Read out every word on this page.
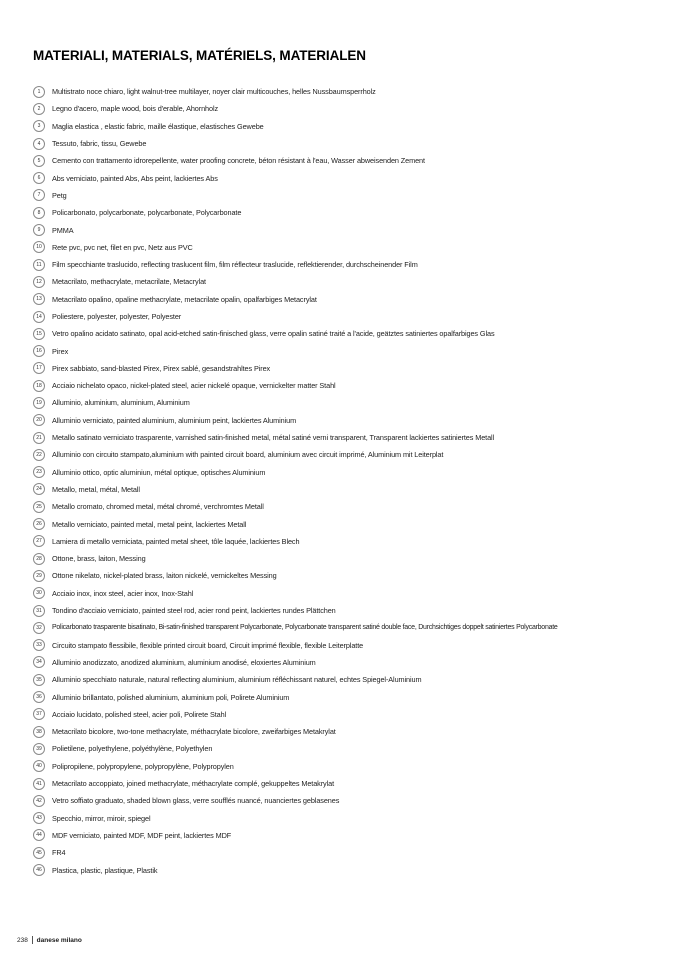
MATERIALI, MATERIALS, MATÉRIELS, MATERIALEN
1	Multistrato noce chiaro, light walnut-tree multilayer, noyer clair multicouches, helles Nussbaumsperrholz
2	Legno d'acero, maple wood, bois d'erable, Ahornholz
3	Maglia elastica , elastic fabric, maille élastique, elastisches Gewebe
4	Tessuto, fabric, tissu, Gewebe
5	Cemento con trattamento idrorepellente, water proofing concrete, béton résistant à l'eau, Wasser abweisenden Zement
6	Abs verniciato, painted Abs, Abs peint, lackiertes Abs
7	Petg
8	Policarbonato, polycarbonate, polycarbonate, Polycarbonate
9	PMMA
10	Rete pvc, pvc net, filet en pvc, Netz aus PVC
11	Film specchiante traslucido, reflecting traslucent film, film réflecteur traslucide, reflektierender, durchscheinender Film
12	Metacrilato, methacrylate, metacrilate, Metacrylat
13	Metacrilato opalino, opaline methacrylate, metacrilate opalin, opalfarbiges Metacrylat
14	Poliestere, polyester, polyester, Polyester
15	Vetro opalino acidato satinato, opal acid-etched satin-finisched glass, verre opalin satiné traité a l'acide, geätztes satiniertes opalfarbiges Glas
16	Pirex
17	Pirex sabbiato, sand-blasted Pirex, Pirex sablé, gesandstrahltes Pirex
18	Acciaio nichelato opaco, nickel-plated steel, acier nickelé opaque, vernickelter matter Stahl
19	Alluminio, aluminium, aluminium, Aluminium
20	Alluminio verniciato, painted aluminium, aluminium peint, lackiertes Aluminium
21	Metallo satinato verniciato trasparente, varnished satin-finished metal, métal satiné verni transparent, Transparent lackiertes satiniertes Metall
22	Alluminio con circuito stampato,aluminium with painted circuit board, aluminium avec circuit imprimé, Aluminium mit Leiterplat
23	Alluminio ottico, optic aluminiun, métal optique, optisches Aluminium
24	Metallo, metal, métal, Metall
25	Metallo cromato, chromed metal, métal chromé, verchromtes Metall
26	Metallo verniciato, painted metal, metal peint, lackiertes Metall
27	Lamiera di metallo verniciata, painted metal sheet, tôle laquée, lackiertes Blech
28	Ottone, brass, laiton, Messing
29	Ottone nikelato, nickel-plated brass, laiton nickelé, vernickeltes Messing
30	Acciaio inox, inox steel, acier inox, Inox-Stahl
31	Tondino d'acciaio verniciato, painted steel rod, acier rond peint, lackiertes rundes Plättchen
32	Policarbonato trasparente bisatinato, Bi-satin-finished transparent Polycarbonate, Polycarbonate transparent satiné double face, Durchsichtiges doppelt satiniertes Polycarbonate
33	Circuito stampato flessibile, flexible printed circuit board, Circuit imprimé flexible, flexible Leiterplatte
34	Alluminio anodizzato, anodized aluminium, aluminium anodisé, eloxiertes Aluminium
35	Alluminio specchiato naturale, natural reflecting aluminium, aluminium réfléchissant naturel, echtes Spiegel-Aluminium
36	Alluminio brillantato, polished aluminium, aluminium poli, Polirete Aluminium
37	Acciaio lucidato, polished steel, acier poli, Polirete Stahl
38	Metacrilato bicolore, two-tone methacrylate, méthacrylate bicolore, zweifarbiges Metakrylat
39	Polietilene, polyethylene, polyéthylène, Polyethylen
40	Polipropilene, polypropylene, polypropylène, Polypropylen
41	Metacrilato accoppiato, joined methacrylate, méthacrylate complé, gekuppeltes Metakrylat
42	Vetro soffiato graduato, shaded blown glass, verre soufflés nuancé, nuanciertes geblasenes
43	Specchio, mirror, miroir, spiegel
44	MDF verniciato, painted MDF, MDF peint, lackiertes MDF
45	FR4
46	Plastica, plastic, plastique, Plastik
238 danese milano
